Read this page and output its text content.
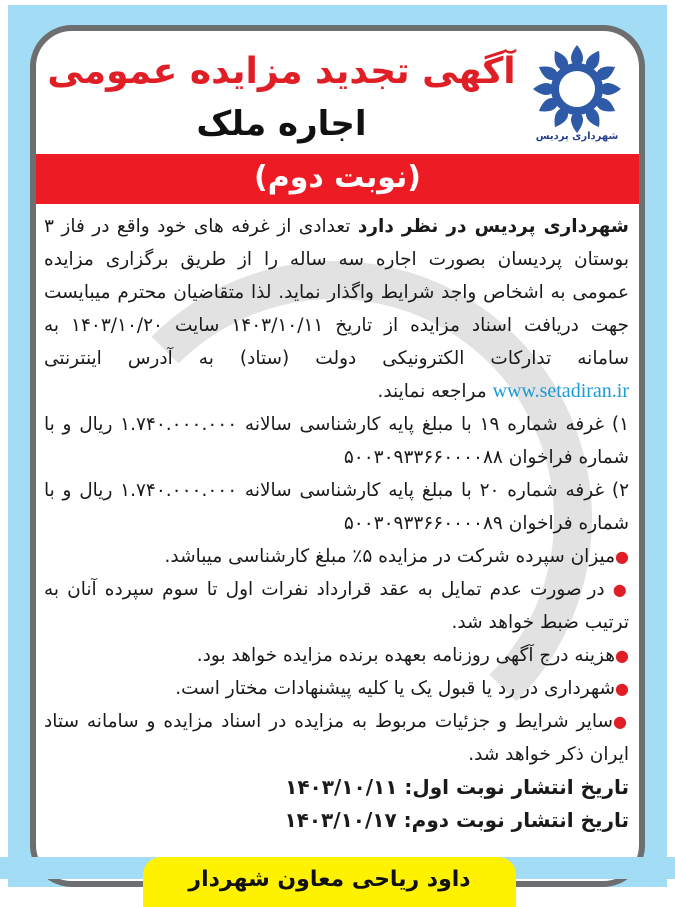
شهرداری پردیس
آگهی تجدید مزایده عمومی
اجاره ملک
(نوبت دوم)

شهرداری پردیس در نظر دارد تعدادی از غرفه های خود واقع در فاز ۳ بوستان پردیسان بصورت اجاره سه ساله را از طریق برگزاری مزایده عمومی به اشخاص واجد شرایط واگذار نماید. لذا متقاضیان محترم میبایست جهت دریافت اسناد مزایده از تاریخ ۱۴۰۳/۱۰/۱۱ سایت ۱۴۰۳/۱۰/۲۰ به سامانه تدارکات الکترونیکی دولت (ستاد) به آدرس اینترنتی www.setadiran.ir مراجعه نمایند.

۱) غرفه شماره ۱۹ با مبلغ پایه کارشناسی سالانه ۱.۷۴۰.۰۰۰.۰۰۰ ریال و با شماره فراخوان ۵۰۰۳۰۹۳۳۶۶۰۰۰۰۸۸

۲) غرفه شماره ۲۰ با مبلغ پایه کارشناسی سالانه ۱.۷۴۰.۰۰۰.۰۰۰ ریال و با شماره فراخوان ۵۰۰۳۰۹۳۳۶۶۰۰۰۰۸۹

●میزان سپرده شرکت در مزایده ۵٪ مبلغ کارشناسی میباشد.

● در صورت عدم تمایل به عقد قرارداد نفرات اول تا سوم سپرده آنان به ترتیب ضبط خواهد شد.

●هزینه درج آگهی روزنامه بعهده برنده مزایده خواهد بود.

●شهرداری در رد یا قبول یک یا کلیه پیشنهادات مختار است.

●سایر شرایط و جزئیات مربوط به مزایده در اسناد مزایده و سامانه ستاد ایران ذکر خواهد شد.

تاریخ انتشار نوبت اول: ۱۴۰۳/۱۰/۱۱

تاریخ انتشار نوبت دوم: ۱۴۰۳/۱۰/۱۷

داود ریاحی معاون شهردار
